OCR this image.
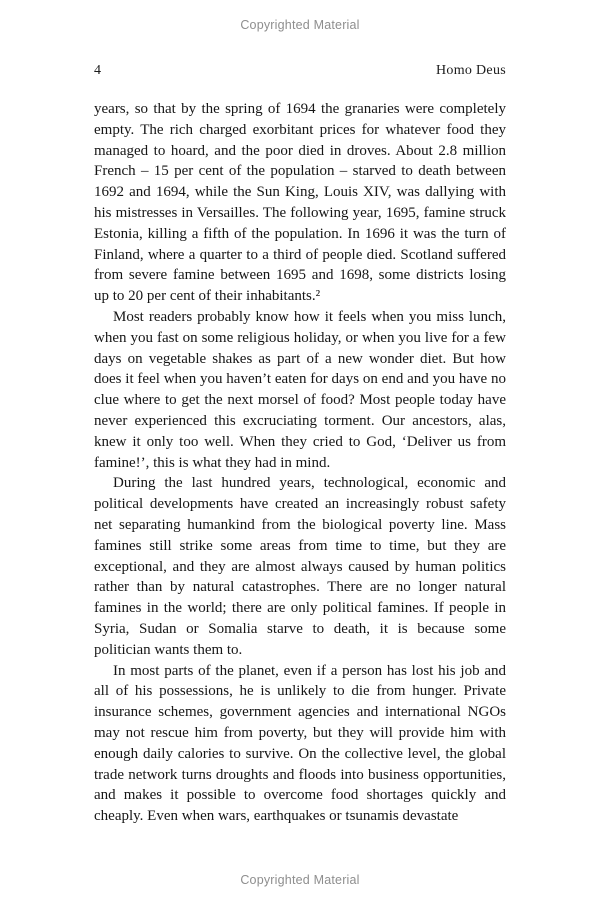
Copyrighted Material
4	Homo Deus

years, so that by the spring of 1694 the granaries were completely empty. The rich charged exorbitant prices for whatever food they managed to hoard, and the poor died in droves. About 2.8 million French – 15 per cent of the population – starved to death between 1692 and 1694, while the Sun King, Louis XIV, was dallying with his mistresses in Versailles. The following year, 1695, famine struck Estonia, killing a fifth of the population. In 1696 it was the turn of Finland, where a quarter to a third of people died. Scotland suffered from severe famine between 1695 and 1698, some districts losing up to 20 per cent of their inhabitants.²

Most readers probably know how it feels when you miss lunch, when you fast on some religious holiday, or when you live for a few days on vegetable shakes as part of a new wonder diet. But how does it feel when you haven’t eaten for days on end and you have no clue where to get the next morsel of food? Most people today have never experienced this excruciating torment. Our ancestors, alas, knew it only too well. When they cried to God, ‘Deliver us from famine!’, this is what they had in mind.

During the last hundred years, technological, economic and political developments have created an increasingly robust safety net separating humankind from the biological poverty line. Mass famines still strike some areas from time to time, but they are exceptional, and they are almost always caused by human politics rather than by natural catastrophes. There are no longer natural famines in the world; there are only political famines. If people in Syria, Sudan or Somalia starve to death, it is because some politician wants them to.

In most parts of the planet, even if a person has lost his job and all of his possessions, he is unlikely to die from hunger. Private insurance schemes, government agencies and international NGOs may not rescue him from poverty, but they will provide him with enough daily calories to survive. On the collective level, the global trade network turns droughts and floods into business opportunities, and makes it possible to overcome food shortages quickly and cheaply. Even when wars, earthquakes or tsunamis devastate

Copyrighted Material
